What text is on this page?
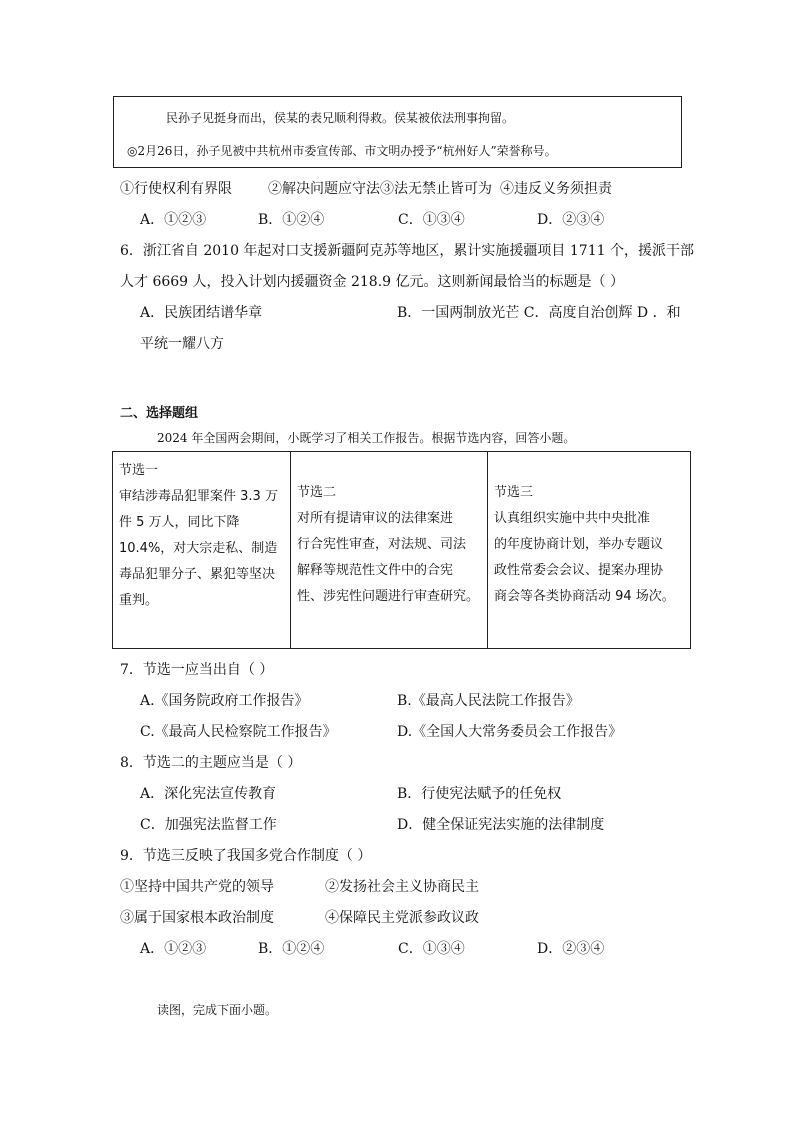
民孙子见挺身而出，侯某的表兄顺利得救。侯某被依法刑事拘留。
◎2月26日，孙子见被中共杭州市委宣传部、市文明办授予“杭州好人”荣誉称号。
①行使权利有界限	②解决问题应守法③法无禁止皆可为 ④违反义务须担责
A．①②③	B．①②④	C．①③④	D．②③④
6．浙江省自 2010 年起对口支援新疆阿克苏等地区，累计实施援疆项目 1711 个，援派干部
人才 6669 人，投入计划内援疆资金 218.9 亿元。这则新闻最恰当的标题是（ ）
A．民族团结谱华章	B．一国两制放光芒 C．高度自治创辉 D ．和
平统一耀八方
二、选择题组
2024 年全国两会期间，小既学习了相关工作报告。根据节选内容，回答小题。
节选一
审结涉毒品犯罪案件 3.3 万
件 5 万人，同比下降
10.4%，对大宗走私、制造
毒品犯罪分子、累犯等坚决
重判。

节选二
对所有提请审议的法律案进
行合宪性审查，对法规、司法
解释等规范性文件中的合宪
性、涉宪性问题进行审查研究。

节选三
认真组织实施中共中央批准
的年度协商计划，举办专题议
政性常委会会议、提案办理协
商会等各类协商活动 94 场次。
7．节选一应当出自（ ）
A.《国务院政府工作报告》	B.《最高人民法院工作报告》
C.《最高人民检察院工作报告》	D.《全国人大常务委员会工作报告》
8．节选二的主题应当是（ ）
A．深化宪法宣传教育	B．行使宪法赋予的任免权
C．加强宪法监督工作	D．健全保证宪法实施的法律制度
9．节选三反映了我国多党合作制度（ ）
①坚持中国共产党的领导	②发扬社会主义协商民主
③属于国家根本政治制度	④保障民主党派参政议政
A．①②③	B．①②④	C．①③④	D．②③④
读图，完成下面小题。
